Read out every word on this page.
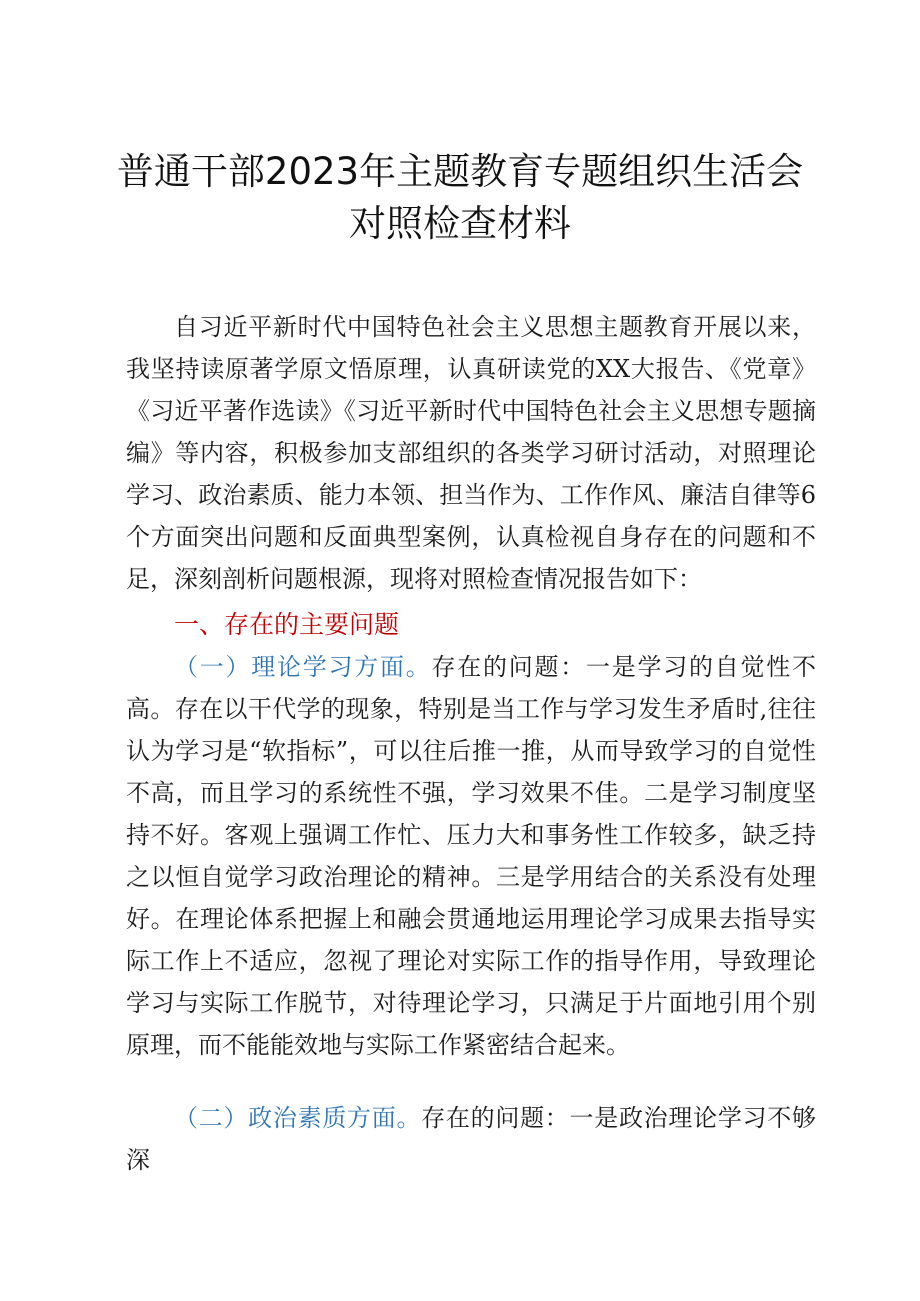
普通干部2023年主题教育专题组织生活会
对照检查材料

自习近平新时代中国特色社会主义思想主题教育开展以来，我坚持读原著学原文悟原理，认真研读党的XX大报告、《党章》《习近平著作选读》《习近平新时代中国特色社会主义思想专题摘编》等内容，积极参加支部组织的各类学习研讨活动，对照理论学习、政治素质、能力本领、担当作为、工作作风、廉洁自律等6个方面突出问题和反面典型案例，认真检视自身存在的问题和不足，深刻剖析问题根源，现将对照检查情况报告如下：

一、存在的主要问题

（一）理论学习方面。存在的问题：一是学习的自觉性不高。存在以干代学的现象，特别是当工作与学习发生矛盾时,往往认为学习是“软指标”，可以往后推一推，从而导致学习的自觉性不高，而且学习的系统性不强，学习效果不佳。二是学习制度坚持不好。客观上强调工作忙、压力大和事务性工作较多，缺乏持之以恒自觉学习政治理论的精神。三是学用结合的关系没有处理好。在理论体系把握上和融会贯通地运用理论学习成果去指导实际工作上不适应，忽视了理论对实际工作的指导作用，导致理论学习与实际工作脱节，对待理论学习，只满足于片面地引用个别原理，而不能能效地与实际工作紧密结合起来。

（二）政治素质方面。存在的问题：一是政治理论学习不够深
